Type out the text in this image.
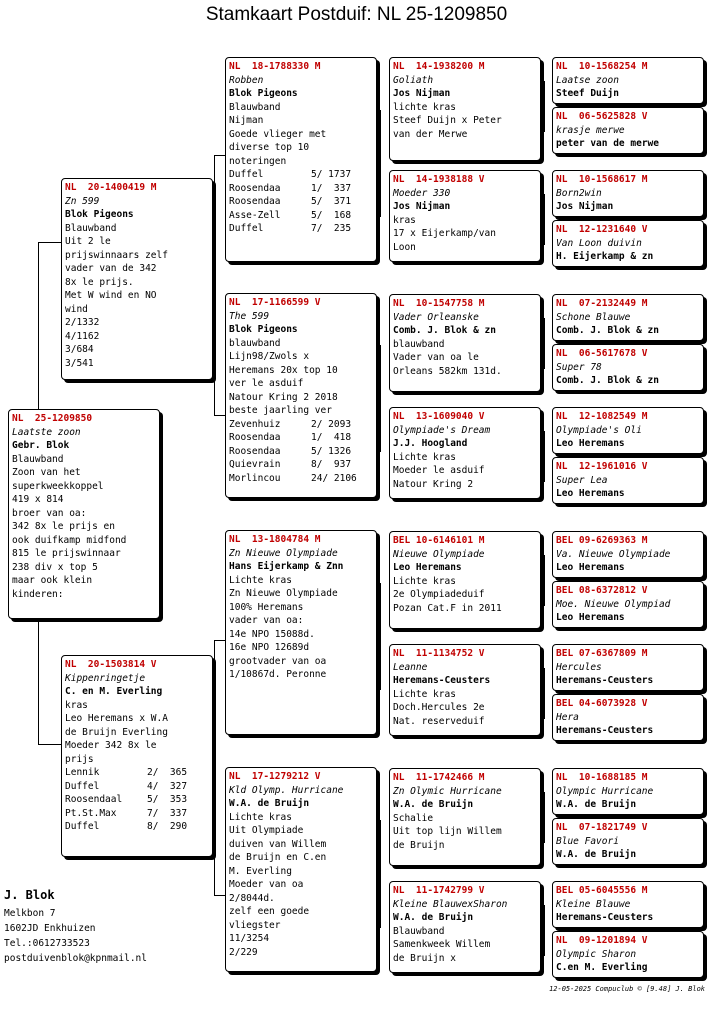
Stamkaart Postduif: NL 25-1209850
NL  25-1209850
Laatste zoon
Gebr. Blok
Blauwband
Zoon van het
superkweekkoppel
419 x 814
broer van oa:
342 8x le prijs en
ook duifkamp midfond
815 le prijswinnaar
238 div x top 5
maar ook klein
kinderen:
NL  20-1400419 M
Zn 599
Blok Pigeons
Blauwband
Uit 2 le
prijswinnaars zelf
vader van de 342
8x le prijs.
Met W wind en NO
wind
2/1332
4/1162
3/684
3/541
NL  20-1503814 V
Kippenringetje
C. en M. Everling
kras
Leo Heremans x W.A
de Bruijn Everling
Moeder 342 8x le
prijs
Lennik	2/  365
Duffel	4/  327
Roosendaal	5/  353
Pt.St.Max	7/  337
Duffel	8/  290
NL  18-1788330 M
Robben
Blok Pigeons
Blauwband
Nijman
Goede vlieger met
diverse top 10
noteringen
Duffel	5/ 1737
Roosendaa	1/  337
Roosendaa	5/  371
Asse-Zell	5/  168
Duffel	7/  235
NL  17-1166599 V
The 599
Blok Pigeons
blauwband
Lijn98/Zwols x
Heremans 20x top 10
ver le asduif
Natour Kring 2 2018
beste jaarling ver
Zevenhuiz	2/ 2093
Roosendaa	1/  418
Roosendaa	5/ 1326
Quievrain	8/  937
Morlincou	24/ 2106
NL  13-1804784 M
Zn Nieuwe Olympiade
Hans Eijerkamp & Znn
Lichte kras
Zn Nieuwe Olympiade
100% Heremans
vader van oa:
14e NPO 15088d.
16e NPO 12689d
grootvader van oa
1/10867d. Peronne
NL  17-1279212 V
Kld Olymp. Hurricane
W.A. de Bruijn
Lichte kras
Uit Olympiade
duiven van Willem
de Bruijn en C.en
M. Everling
Moeder van oa
2/8044d.
zelf een goede
vliegster
11/3254
2/229
NL  14-1938200 M
Goliath
Jos Nijman
lichte kras
Steef Duijn x Peter
van der Merwe
NL  14-1938188 V
Moeder 330
Jos Nijman
kras
17 x Eijerkamp/van
Loon
NL  10-1547758 M
Vader Orleanske
Comb. J. Blok & zn
blauwband
Vader van oa le
Orleans 582km 131d.
NL  13-1609040 V
Olympiade's Dream
J.J. Hoogland
Lichte kras
Moeder le asduif
Natour Kring 2
BEL 10-6146101 M
Nieuwe Olympiade
Leo Heremans
Lichte kras
2e Olympiadeduif
Pozan Cat.F in 2011
NL  11-1134752 V
Leanne
Heremans-Ceusters
Lichte kras
Doch.Hercules 2e
Nat. reserveduif
NL  11-1742466 M
Zn Olymic Hurricane
W.A. de Bruijn
Schalie
Uit top lijn Willem
de Bruijn
NL  11-1742799 V
Kleine BlauwexSharon
W.A. de Bruijn
Blauwband
Samenkweek Willem
de Bruijn x
NL  10-1568254 M
Laatse zoon
Steef Duijn
NL  06-5625828 V
krasje merwe
peter van de merwe
NL  10-1568617 M
Born2win
Jos Nijman
NL  12-1231640 V
Van Loon duivin
H. Eijerkamp & zn
NL  07-2132449 M
Schone Blauwe
Comb. J. Blok & zn
NL  06-5617678 V
Super 78
Comb. J. Blok & zn
NL  12-1082549 M
Olympiade's Oli
Leo Heremans
NL  12-1961016 V
Super Lea
Leo Heremans
BEL 09-6269363 M
Va. Nieuwe Olympiade
Leo Heremans
BEL 08-6372812 V
Moe. Nieuwe Olympiad
Leo Heremans
BEL 07-6367809 M
Hercules
Heremans-Ceusters
BEL 04-6073928 V
Hera
Heremans-Ceusters
NL  10-1688185 M
Olympic Hurricane
W.A. de Bruijn
NL  07-1821749 V
Blue Favori
W.A. de Bruijn
BEL 05-6045556 M
Kleine Blauwe
Heremans-Ceusters
NL  09-1201894 V
Olympic Sharon
C.en M. Everling
J. Blok
Melkbon 7
1602JD Enkhuizen
Tel.:0612733523
postduivenblok@kpnmail.nl
12-05-2025 Compuclub © [9.48] J. Blok
